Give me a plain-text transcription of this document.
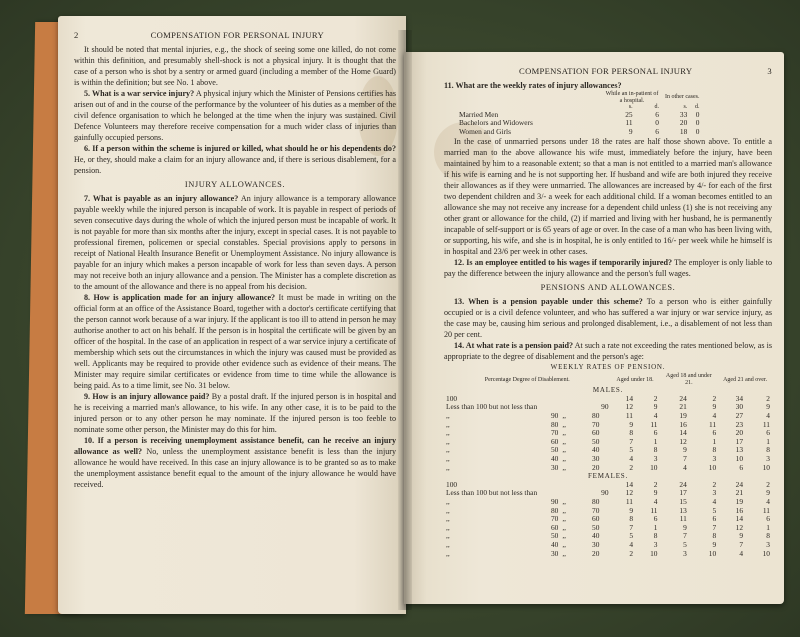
2	COMPENSATION FOR PERSONAL INJURY

It should be noted that mental injuries, e.g., the shock of seeing some one killed, do not come within this definition, and presumably shell-shock is not a physical injury. It is thought that the case of a person who is shot by a sentry or armed guard (including a member of the Home Guard) is within the definition; but see No. 1 above.

5. What is a war service injury? A physical injury which the Minister of Pensions certifies has arisen out of and in the course of the performance by the volunteer of his duties as a member of the civil defence organisation to which he belonged at the time when the injury was sustained. Civil Defence Volunteers may therefore receive compensation for a much wider class of injuries than gainfully occupied persons.

6. If a person within the scheme is injured or killed, what should he or his dependents do? He, or they, should make a claim for an injury allowance and, if there is serious disablement, for a pension.

INJURY ALLOWANCES.

7. What is payable as an injury allowance? An injury allowance is a temporary allowance payable weekly while the injured person is incapable of work. It is payable in respect of periods of seven consecutive days during the whole of which the injured person must be incapable of work. It is not payable for more than six months after the injury, except in special cases. It is not payable to professional firemen, policemen or special constables. Special provisions apply to persons in receipt of National Health Insurance Benefit or Unemployment Assistance. No injury allowance is payable for an injury which makes a person incapable of work for less than seven days. A person may not receive both an injury allowance and a pension. The Minister has a complete discretion as to the amount of the allowance and there is no appeal from his decision.

8. How is application made for an injury allowance? It must be made in writing on the official form at an office of the Assistance Board, together with a doctor's certificate certifying that the person cannot work because of a war injury. If the applicant is too ill to attend in person he may authorise another to act on his behalf. If the person is in hospital the certificate will be given by an officer of the hospital. In the case of an application in respect of a war service injury a certificate of membership which sets out the circumstances in which the injury was caused must be provided as well. Applicants may be required to provide other evidence such as evidence of their means. The Minister may require similar certificates or evidence from time to time while the allowance is being paid. As to a time limit, see No. 31 below.

9. How is an injury allowance paid? By a postal draft. If the injured person is in hospital and he is receiving a married man's allowance, to his wife. In any other case, it is to be paid to the injured person or to any other person he may nominate. If the injured person is too feeble to nominate some other person, the Minister may do this for him.

10. If a person is receiving unemployment assistance benefit, can he receive an injury allowance as well? No, unless the unemployment assistance benefit is less than the injury allowance he would have received. In this case an injury allowance is to be granted so as to make the unemployment assistance benefit equal to the amount of the injury allowance he would have received.

COMPENSATION FOR PERSONAL INJURY	3

11. What are the weekly rates of injury allowances?

	While an in-patient of a hospital.		In other cases.	
	s.	d.	s.	d.
Married Men	25	6	33	0
Bachelors and Widowers	11	0	20	0
Women and Girls	9	6	18	0

In the case of unmarried persons under 18 the rates are half those shown above. To entitle a married man to the above allowance his wife must, immediately before the injury, have been maintained by him to a reasonable extent; so that a man is not entitled to a married man's allowance if his wife is earning and he is not supporting her. If husband and wife are both injured they receive their allowances as if they were unmarried. The allowances are increased by 4/- for each of the first two dependent children and 3/- a week for each additional child. If a woman becomes entitled to an allowance she may not receive any increase for a dependent child unless (1) she is not receiving any other grant or allowance for the child, (2) if married and living with her husband, he is permanently incapable of self-support or is 65 years of age or over. In the case of a man who has been living with, or supporting, his wife, and she is in hospital, he is only entitled to 16/- per week while he himself is in hospital and 23/6 per week in other cases.

12. Is an employee entitled to his wages if temporarily injured? The employer is only liable to pay the difference between the injury allowance and the person's full wages.

PENSIONS AND ALLOWANCES.

13. When is a pension payable under this scheme? To a person who is either gainfully occupied or is a civil defence volunteer, and who has suffered a war injury or war service injury, as the case may be, causing him serious and prolonged disablement, i.e., a disablement of not less than 20 per cent.

14. At what rate is a pension paid? At such a rate not exceeding the rates mentioned below, as is appropriate to the degree of disablement and the person's age:

WEEKLY RATES OF PENSION.
Percentage Degree of Disablement.			Aged under 18.		Aged 18 and under 21.		Aged 21 and over.	
MALES.								
100			14	2	24	2	34	2
Less than 100 but not less than		90	12	9	21	9	30	9
,,	90	,, 80	11	4	19	4	27	4
,,	80	,, 70	9	11	16	11	23	11
,,	70	,, 60	8	6	14	6	20	6
,,	60	,, 50	7	1	12	1	17	1
,,	50	,, 40	5	8	9	8	13	8
,,	40	,, 30	4	3	7	3	10	3
,,	30	,, 20	2	10	4	10	6	10
FEMALES.								
100			14	2	24	2	24	2
Less than 100 but not less than		90	12	9	17	3	21	9
,,	90	,, 80	11	4	15	4	19	4
,,	80	,, 70	9	11	13	5	16	11
,,	70	,, 60	8	6	11	6	14	6
,,	60	,, 50	7	1	9	7	12	1
,,	50	,, 40	5	8	7	8	9	8
,,	40	,, 30	4	3	5	9	7	3
,,	30	,, 20	2	10	3	10	4	10
